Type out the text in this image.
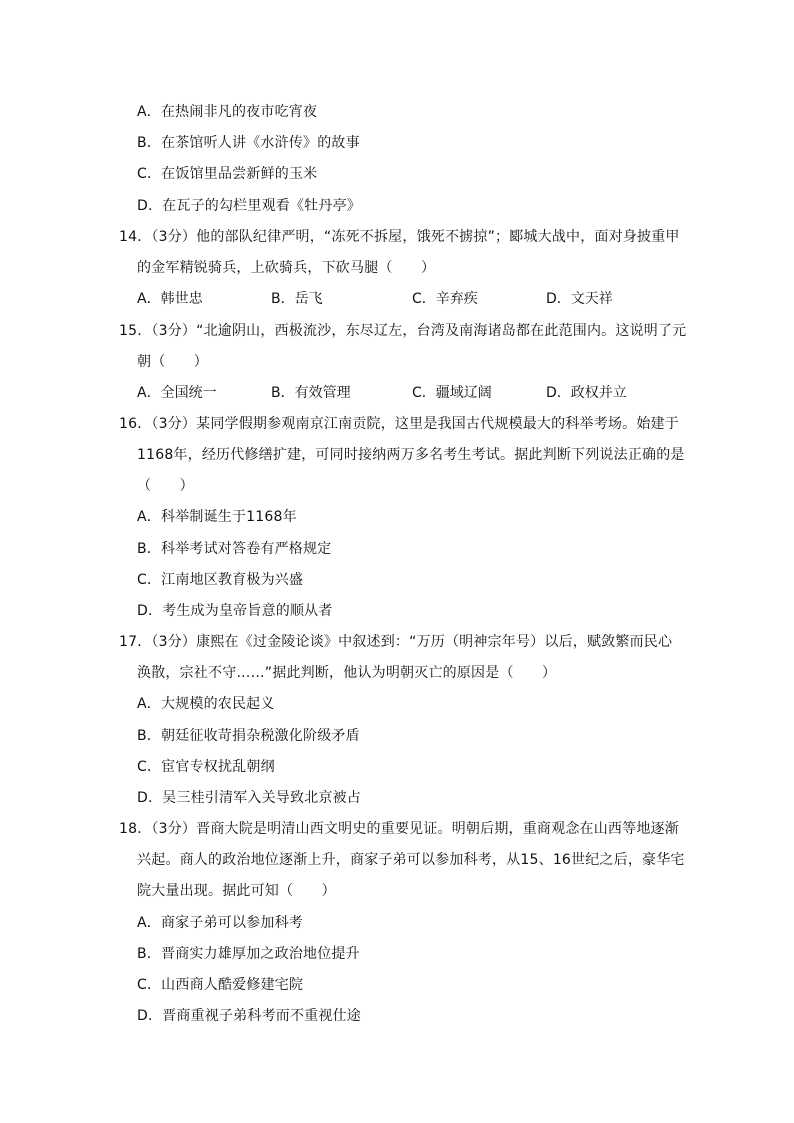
A．在热闹非凡的夜市吃宵夜
B．在茶馆听人讲《水浒传》的故事
C．在饭馆里品尝新鲜的玉米
D．在瓦子的勾栏里观看《牡丹亭》
14．（3分）他的部队纪律严明，“冻死不拆屋，饿死不掳掠”；郾城大战中，面对身披重甲
的金军精锐骑兵，上砍骑兵，下砍马腿（　　）
A．韩世忠	B．岳飞	C．辛弃疾	D．文天祥
15．（3分）“北逾阴山，西极流沙，东尽辽左，台湾及南海诸岛都在此范围内。这说明了元
朝（　　）
A．全国统一	B．有效管理	C．疆域辽阔	D．政权并立
16．（3分）某同学假期参观南京江南贡院，这里是我国古代规模最大的科举考场。始建于
1168年，经历代修缮扩建，可同时接纳两万多名考生考试。据此判断下列说法正确的是
（　　）
A．科举制诞生于1168年
B．科举考试对答卷有严格规定
C．江南地区教育极为兴盛
D．考生成为皇帝旨意的顺从者
17．（3分）康熙在《过金陵论谈》中叙述到：“万历（明神宗年号）以后，赋敛繁而民心
涣散，宗社不守……”据此判断，他认为明朝灭亡的原因是（　　）
A．大规模的农民起义
B．朝廷征收苛捐杂税激化阶级矛盾
C．宦官专权扰乱朝纲
D．吴三桂引清军入关导致北京被占
18．（3分）晋商大院是明清山西文明史的重要见证。明朝后期，重商观念在山西等地逐渐
兴起。商人的政治地位逐渐上升，商家子弟可以参加科考，从15、16世纪之后，豪华宅
院大量出现。据此可知（　　）
A．商家子弟可以参加科考
B．晋商实力雄厚加之政治地位提升
C．山西商人酷爱修建宅院
D．晋商重视子弟科考而不重视仕途
